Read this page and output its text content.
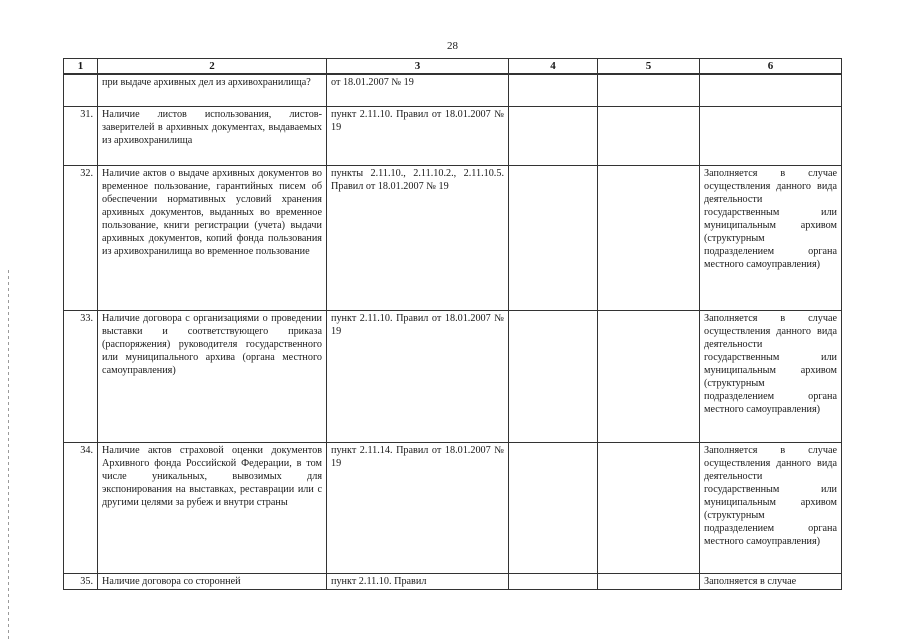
28
1	2	3	4	5	6
	при выдаче архивных дел из архивохранилища?	от 18.01.2007 № 19			
31.	Наличие листов использования, листов-заверителей в архивных документах, выдаваемых из архивохранилища	пункт 2.11.10. Правил от 18.01.2007 № 19			
32.	Наличие актов о выдаче архивных документов во временное пользование, гарантийных писем об обеспечении нормативных условий хранения архивных документов, выданных во временное пользование, книги регистрации (учета) выдачи архивных документов, копий фонда пользования из архивохранилища во временное пользование	пункты 2.11.10., 2.11.10.2., 2.11.10.5. Правил от 18.01.2007 № 19			Заполняется в случае осуществления данного вида деятельности государственным или муниципальным архивом (структурным подразделением органа местного самоуправления)
33.	Наличие договора с организациями о проведении выставки и соответствующего приказа (распоряжения) руководителя государственного или муниципального архива (органа местного самоуправления)	пункт 2.11.10. Правил от 18.01.2007 № 19			Заполняется в случае осуществления данного вида деятельности государственным или муниципальным архивом (структурным подразделением органа местного самоуправления)
34.	Наличие актов страховой оценки документов Архивного фонда Российской Федерации, в том числе уникальных, вывозимых для экспонирования на выставках, реставрации или с другими целями за рубеж и внутри страны	пункт 2.11.14. Правил от 18.01.2007 № 19			Заполняется в случае осуществления данного вида деятельности государственным или муниципальным архивом (структурным подразделением органа местного самоуправления)
35.	Наличие договора со сторонней	пункт 2.11.10. Правил			Заполняется в случае
